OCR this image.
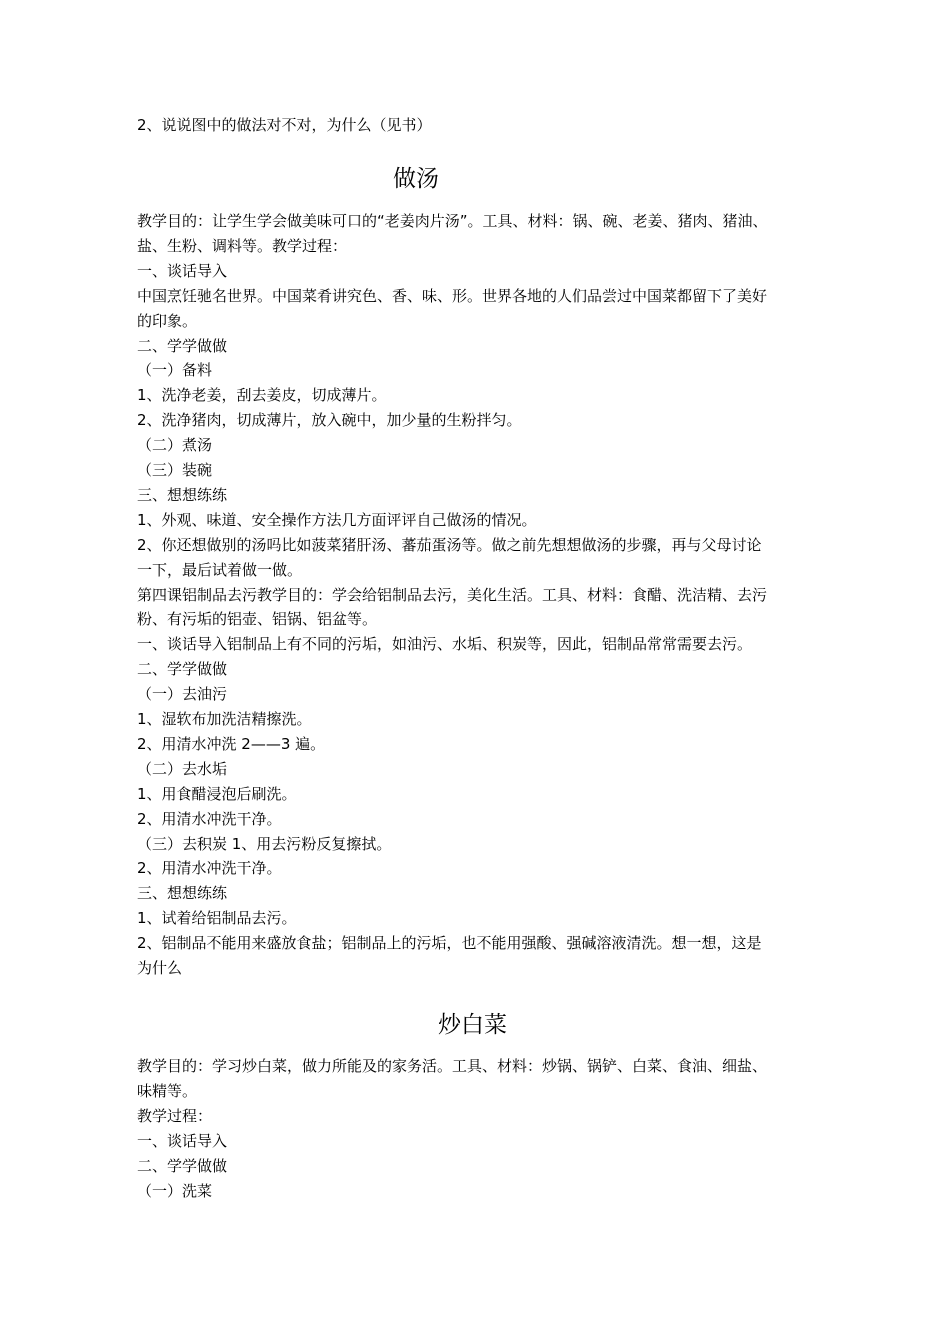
2、说说图中的做法对不对，为什么（见书）
做汤
教学目的：让学生学会做美味可口的“老姜肉片汤”。工具、材料：锅、碗、老姜、猪肉、猪油、
盐、生粉、调料等。教学过程：
一、谈话导入
中国烹饪驰名世界。中国菜肴讲究色、香、味、形。世界各地的人们品尝过中国菜都留下了美好
的印象。
二、学学做做
（一）备料
1、洗净老姜，刮去姜皮，切成薄片。
2、洗净猪肉，切成薄片，放入碗中，加少量的生粉拌匀。
（二）煮汤
（三）装碗
三、想想练练
1、外观、味道、安全操作方法几方面评评自己做汤的情况。
2、你还想做别的汤吗比如菠菜猪肝汤、蕃茄蛋汤等。做之前先想想做汤的步骤，再与父母讨论
一下，最后试着做一做。
第四课铝制品去污教学目的：学会给铝制品去污，美化生活。工具、材料：食醋、洗洁精、去污
粉、有污垢的铝壶、铝锅、铝盆等。
一、谈话导入铝制品上有不同的污垢，如油污、水垢、积炭等，因此，铝制品常常需要去污。
二、学学做做
（一）去油污
1、湿软布加洗洁精擦洗。
2、用清水冲洗 2——3 遍。
（二）去水垢
1、用食醋浸泡后刷洗。
2、用清水冲洗干净。
（三）去积炭 1、用去污粉反复擦拭。
2、用清水冲洗干净。
三、想想练练
1、试着给铝制品去污。
2、铝制品不能用来盛放食盐；铝制品上的污垢，也不能用强酸、强碱溶液清洗。想一想，这是
为什么
炒白菜
教学目的：学习炒白菜，做力所能及的家务活。工具、材料：炒锅、锅铲、白菜、食油、细盐、
味精等。
教学过程：
一、谈话导入
二、学学做做
（一）洗菜
